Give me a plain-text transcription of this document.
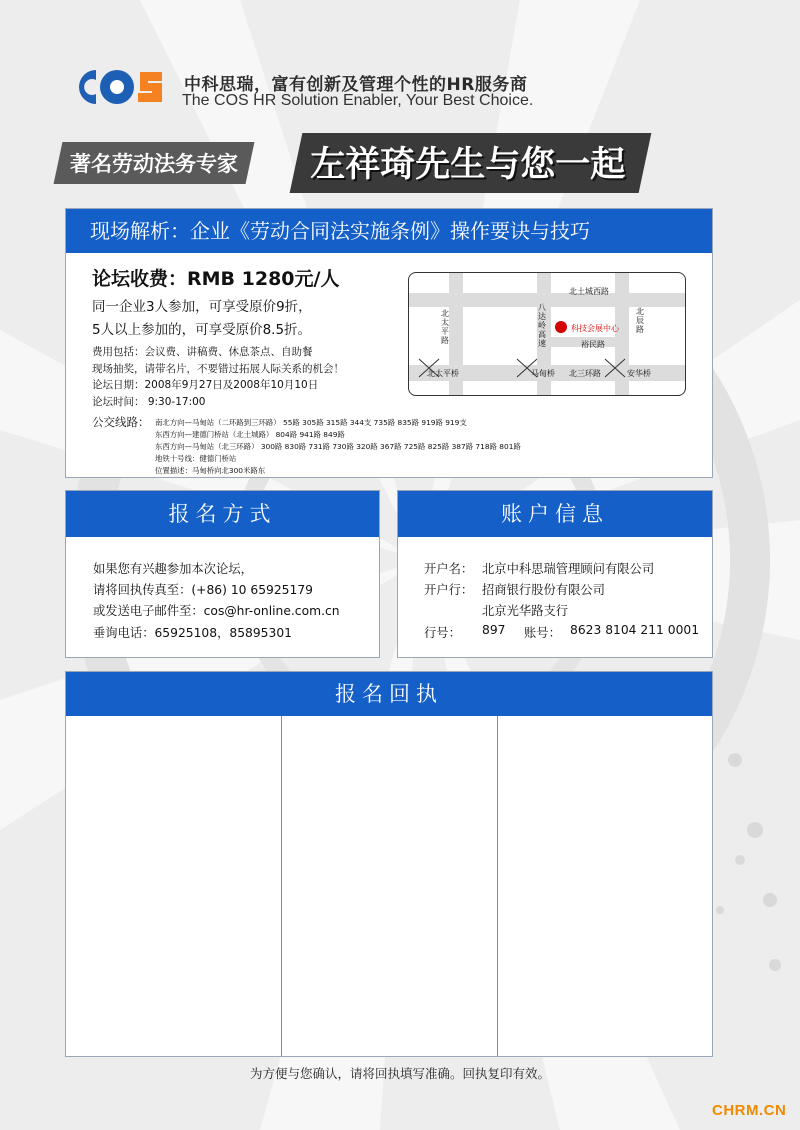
中科思瑞，富有创新及管理个性的HR服务商
The COS HR Solution Enabler, Your Best Choice.
著名劳动法务专家	左祥琦先生与您一起
现场解析：企业《劳动合同法实施条例》操作要诀与技巧
论坛收费：RMB 1280元/人
同一企业3人参加，可享受原价9折，
5人以上参加的，可享受原价8.5折。
费用包括：会议费、讲稿费、休息茶点、自助餐
现场抽奖，请带名片，不要错过拓展人际关系的机会！
论坛日期：2008年9月27日及2008年10月10日
论坛时间： 9:30-17:00
公交线路： 南北方向—马甸站（二环路到三环路） 55路 305路 315路 344支 735路 835路 919路 919支
东西方向—建德门桥站（北土城路） 804路 941路 849路
东西方向—马甸站（北三环路） 300路 830路 731路 730路 320路 367路 725路 825路 387路 718路 801路
地铁十号线：健德门桥站
位置描述：马甸桥向北300米路东
北土城西路
北太平路
八达岭高速
北辰路
科技会展中心
裕民路
北太平桥	马甸桥 北三环路	安华桥
报名方式
如果您有兴趣参加本次论坛，
请将回执传真至：(+86) 10 65925179
或发送电子邮件至：cos@hr-online.com.cn
垂询电话：65925108，85895301
账户信息
开户名： 北京中科思瑞管理顾问有限公司
开户行： 招商银行股份有限公司
北京光华路支行
行号： 897 账号： 8623 8104 211 0001
报名回执
为方便与您确认，请将回执填写准确。回执复印有效。
CHRM.CN
